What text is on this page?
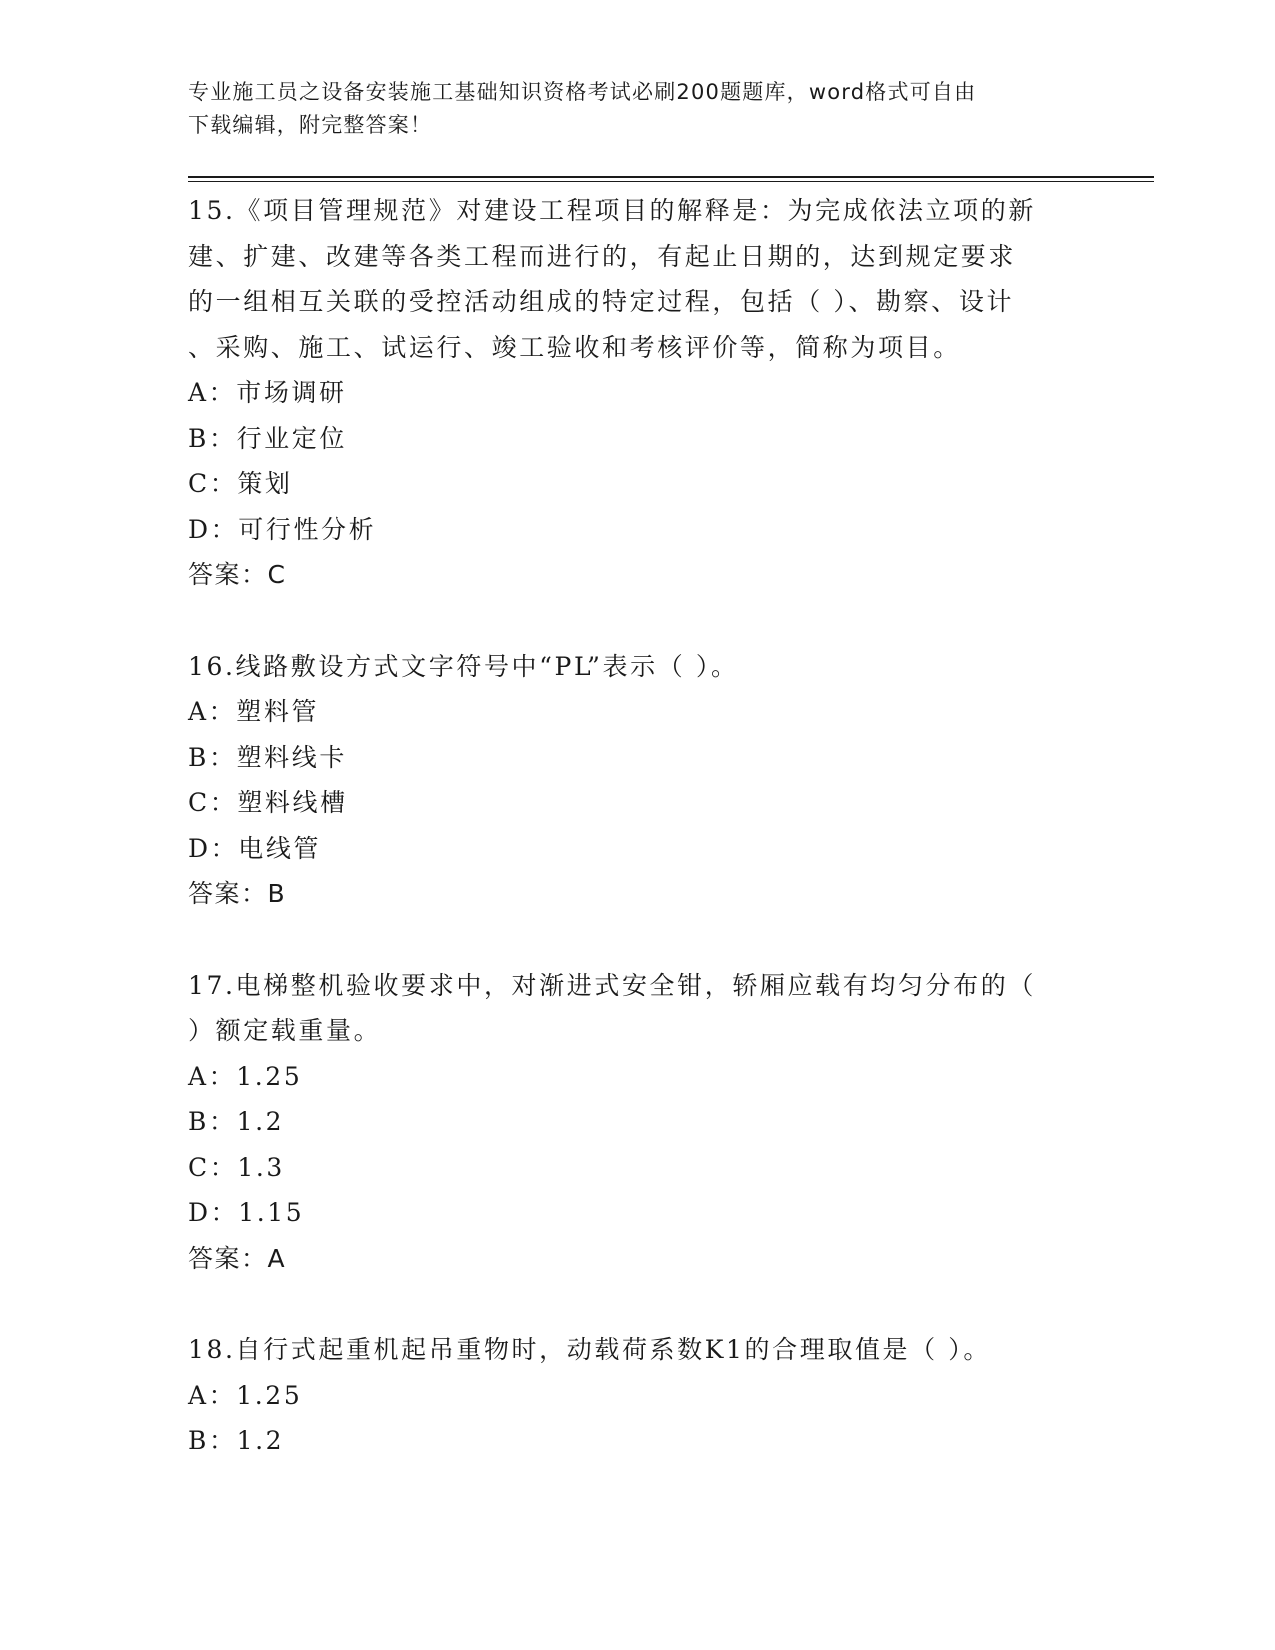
专业施工员之设备安装施工基础知识资格考试必刷200题题库，word格式可自由

下载编辑，附完整答案！

15.《项目管理规范》对建设工程项目的解释是：为完成依法立项的新
建、扩建、改建等各类工程而进行的，有起止日期的，达到规定要求
的一组相互关联的受控活动组成的特定过程，包括（ ）、勘察、设计
、采购、施工、试运行、竣工验收和考核评价等，简称为项目。
A：市场调研
B：行业定位
C：策划
D：可行性分析
答案：C
16.线路敷设方式文字符号中“PL”表示（ ）。
A：塑料管
B：塑料线卡
C：塑料线槽
D：电线管
答案：B
17.电梯整机验收要求中，对渐进式安全钳，轿厢应载有均匀分布的（
）额定载重量。
A：1.25
B：1.2
C：1.3
D：1.15
答案：A
18.自行式起重机起吊重物时，动载荷系数K1的合理取值是（ ）。
A：1.25
B：1.2
